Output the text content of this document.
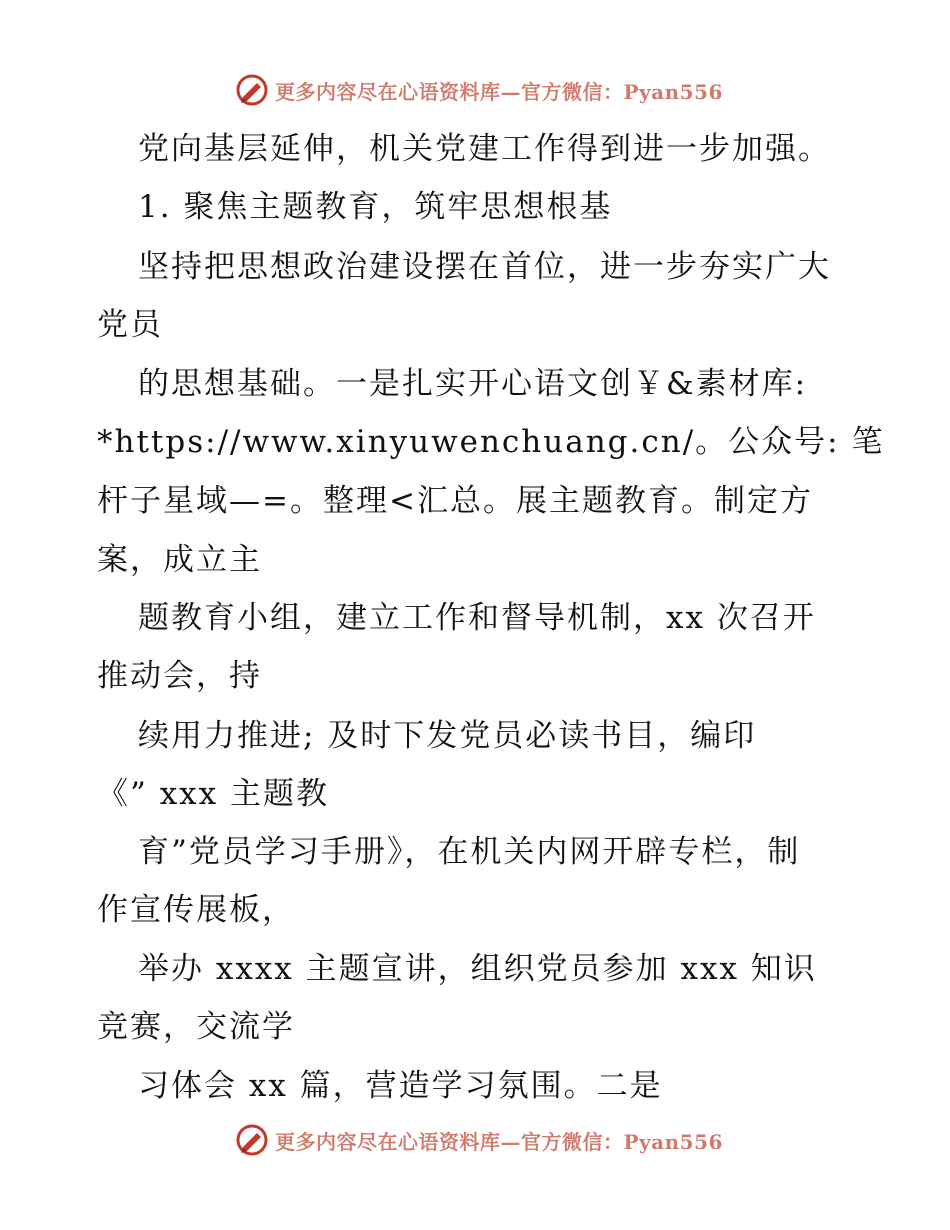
更多内容尽在心语资料库—官方微信：Pyan556
党向基层延伸，机关党建工作得到进一步加强。
1. 聚焦主题教育，筑牢思想根基
坚持把思想政治建设摆在首位，进一步夯实广大
党员
的思想基础。一是扎实开心语文创￥&素材库:
*https://www.xinyuwenchuang.cn/。公众号: 笔
杆子星域—=。整理<汇总。展主题教育。制定方
案，成立主
题教育小组，建立工作和督导机制，xx 次召开
推动会，持
续用力推进; 及时下发党员必读书目，编印
《” xxx 主题教
育”党员学习手册》，在机关内网开辟专栏，制
作宣传展板，
举办 xxxx 主题宣讲，组织党员参加 xxx 知识
竞赛，交流学
习体会 xx 篇，营造学习氛围。二是
更多内容尽在心语资料库—官方微信：Pyan556
